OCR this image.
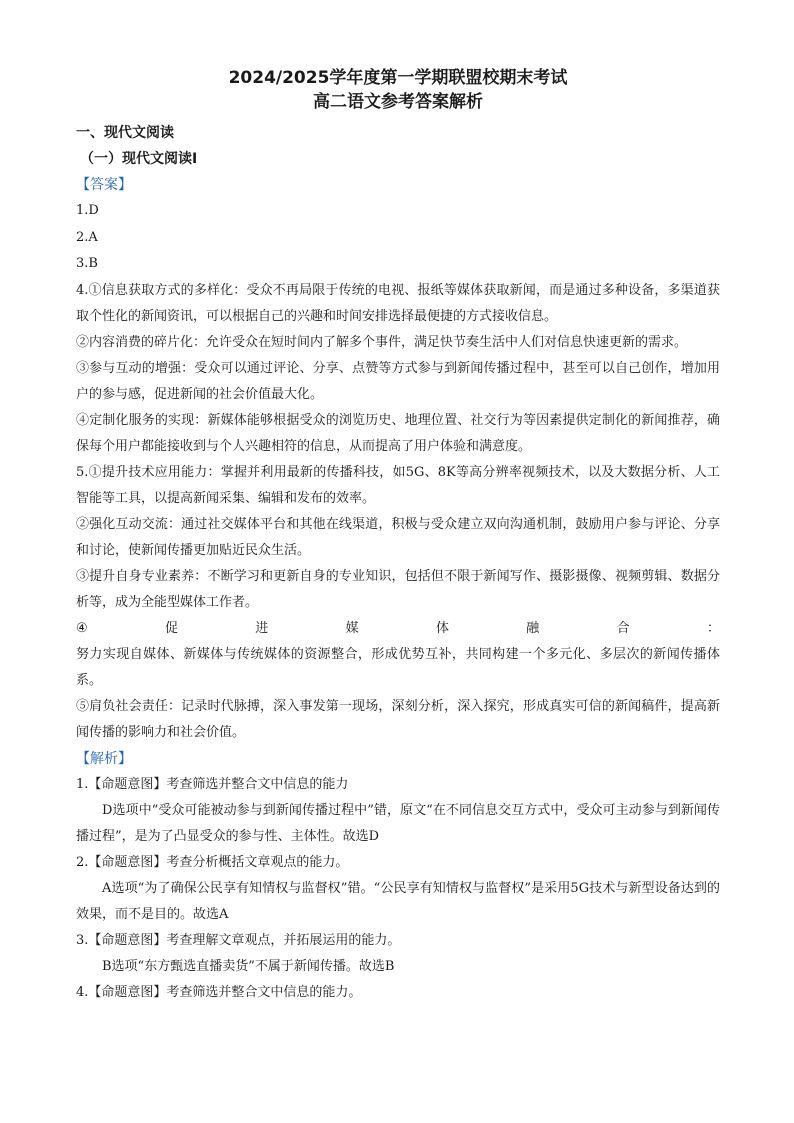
2024/2025学年度第一学期联盟校期末考试
高二语文参考答案解析
一、现代文阅读
（一）现代文阅读Ⅰ
【答案】

1.D

2.A

3.B

4.①信息获取方式的多样化：受众不再局限于传统的电视、报纸等媒体获取新闻，而是通过多种设备，多渠道获取个性化的新闻资讯，可以根据自己的兴趣和时间安排选择最便捷的方式接收信息。

②内容消费的碎片化：允许受众在短时间内了解多个事件，满足快节奏生活中人们对信息快速更新的需求。

③参与互动的增强：受众可以通过评论、分享、点赞等方式参与到新闻传播过程中，甚至可以自己创作，增加用户的参与感，促进新闻的社会价值最大化。

④定制化服务的实现：新媒体能够根据受众的浏览历史、地理位置、社交行为等因素提供定制化的新闻推荐，确保每个用户都能接收到与个人兴趣相符的信息，从而提高了用户体验和满意度。

5.①提升技术应用能力：掌握并利用最新的传播科技，如5G、8K等高分辨率视频技术，以及大数据分析、人工智能等工具，以提高新闻采集、编辑和发布的效率。

②强化互动交流：通过社交媒体平台和其他在线渠道，积极与受众建立双向沟通机制，鼓励用户参与评论、分享和讨论，使新闻传播更加贴近民众生活。

③提升自身专业素养：不断学习和更新自身的专业知识，包括但不限于新闻写作、摄影摄像、视频剪辑、数据分析等，成为全能型媒体工作者。

④	促	进	媒	体	融	合	：

努力实现自媒体、新媒体与传统媒体的资源整合，形成优势互补，共同构建一个多元化、多层次的新闻传播体系。

⑤肩负社会责任：记录时代脉搏，深入事发第一现场，深刻分析，深入探究，形成真实可信的新闻稿件，提高新闻传播的影响力和社会价值。

【解析】

1.【命题意图】考查筛选并整合文中信息的能力

D选项中“受众可能被动参与到新闻传播过程中”错，原文“在不同信息交互方式中，受众可主动参与到新闻传播过程”，是为了凸显受众的参与性、主体性。故选D

2.【命题意图】考查分析概括文章观点的能力。

A选项“为了确保公民享有知情权与监督权”错。“公民享有知情权与监督权”是采用5G技术与新型设备达到的效果，而不是目的。故选A

3.【命题意图】考查理解文章观点，并拓展运用的能力。

B选项“东方甄选直播卖货”不属于新闻传播。故选B

4.【命题意图】考查筛选并整合文中信息的能力。
